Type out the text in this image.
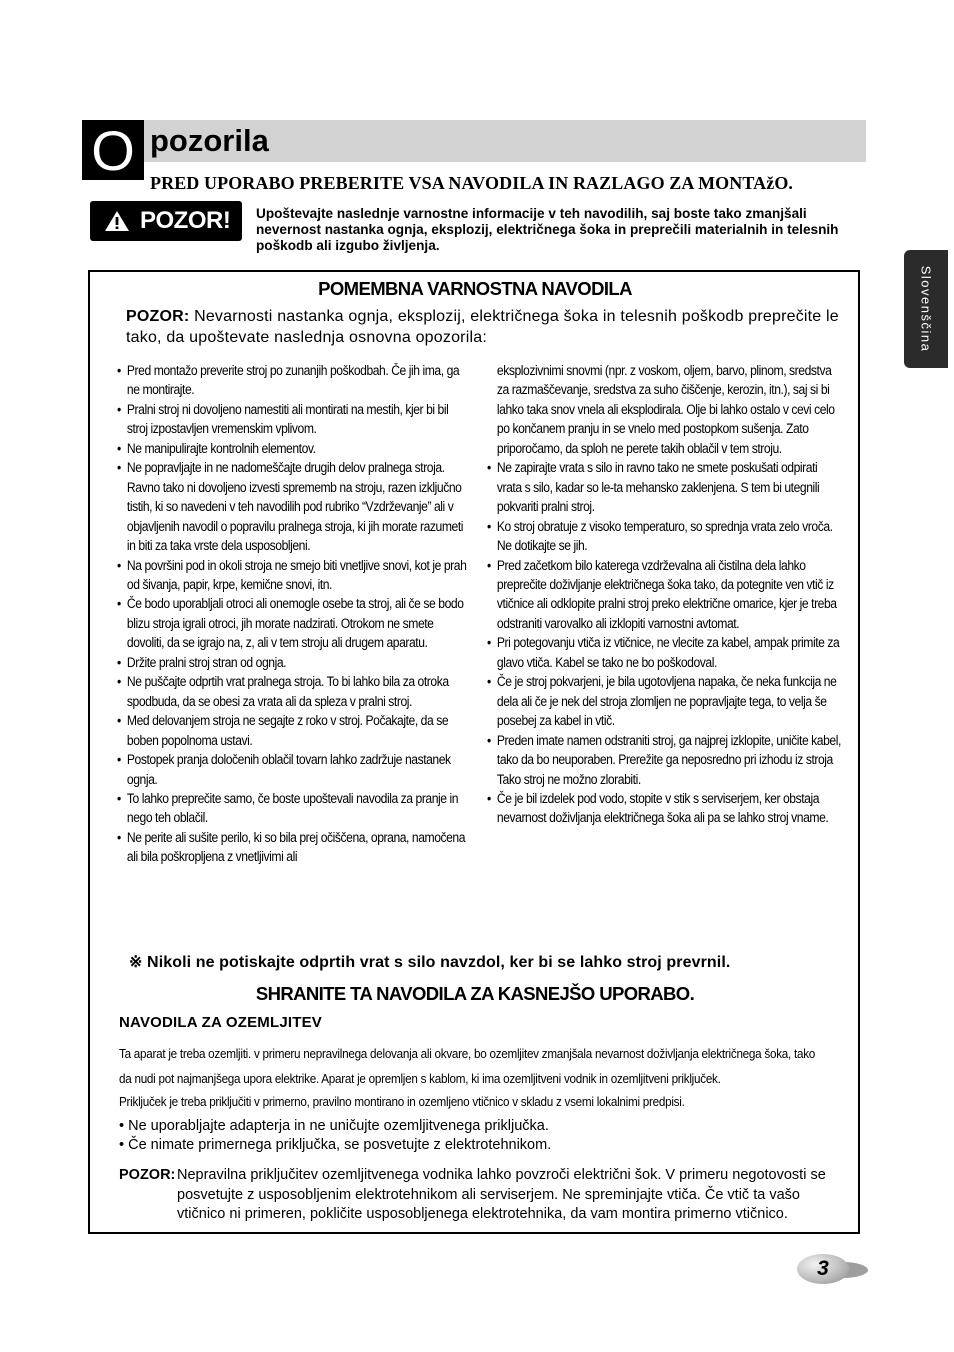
O pozorila
PRED UPORABO PREBERITE VSA NAVODILA IN RAZLAGO ZA MONTAžO.
POZOR! Upoštevajte naslednje varnostne informacije v teh navodilih, saj boste tako zmanjšali nevernost nastanka ognja, eksplozij, električnega šoka in preprečili materialnih in telesnih poškodb ali izgubo življenja.
Slovenščina
POMEMBNA VARNOSTNA NAVODILA
POZOR: Nevarnosti nastanka ognja, eksplozij, električnega šoka in telesnih poškodb preprečite le tako, da upoštevate naslednja osnovna opozorila:
• Pred montažo preverite stroj po zunanjih poškodbah. Če jih ima, ga ne montirajte.
• Pralni stroj ni dovoljeno namestiti ali montirati na mestih, kjer bi bil stroj izpostavljen vremenskim vplivom.
• Ne manipulirajte kontrolnih elementov.
• Ne popravljajte in ne nadomeščajte drugih delov pralnega stroja. Ravno tako ni dovoljeno izvesti sprememb na stroju, razen izključno tistih, ki so navedeni v teh navodilih pod rubriko “Vzdrževanje” ali v objavljenih navodil o popravilu pralnega stroja, ki jih morate razumeti in biti za taka vrste dela usposobljeni.
• Na površini pod in okoli stroja ne smejo biti vnetljive snovi, kot je prah od šivanja, papir, krpe, kemične snovi, itn.
• Če bodo uporabljali otroci ali onemogle osebe ta stroj, ali če se bodo blizu stroja igrali otroci, jih morate nadzirati. Otrokom ne smete dovoliti, da se igrajo na, z, ali v tem stroju ali drugem aparatu.
• Držite pralni stroj stran od ognja.
• Ne puščajte odprtih vrat pralnega stroja. To bi lahko bila za otroka spodbuda, da se obesi za vrata ali da spleza v pralni stroj.
• Med delovanjem stroja ne segajte z roko v stroj. Počakajte, da se boben popolnoma ustavi.
• Postopek pranja določenih oblačil tovarn lahko zadržuje nastanek ognja.
• To lahko preprečite samo, če boste upoštevali navodila za pranje in nego teh oblačil.
• Ne perite ali sušite perilo, ki so bila prej očiščena, oprana, namočena ali bila poškropljena z vnetljivimi ali
eksplozivnimi snovmi (npr. z voskom, oljem, barvo, plinom, sredstva za razmaščevanje, sredstva za suho čiščenje, kerozin, itn.), saj si bi lahko taka snov vnela ali eksplodirala. Olje bi lahko ostalo v cevi celo po končanem pranju in se vnelo med postopkom sušenja. Zato priporočamo, da sploh ne perete takih oblačil v tem stroju.
• Ne zapirajte vrata s silo in ravno tako ne smete poskušati odpirati vrata s silo, kadar so le-ta mehansko zaklenjena. S tem bi utegnili pokvariti pralni stroj.
• Ko stroj obratuje z visoko temperaturo, so sprednja vrata zelo vroča. Ne dotikajte se jih.
• Pred začetkom bilo katerega vzdrževalna ali čistilna dela lahko preprečite doživljanje električnega šoka tako, da potegnite ven vtič iz vtičnice ali odklopite pralni stroj preko električne omarice, kjer je treba odstraniti varovalko ali izklopiti varnostni avtomat.
• Pri potegovanju vtiča iz vtičnice, ne vlecite za kabel, ampak primite za glavo vtiča. Kabel se tako ne bo poškodoval.
• Če je stroj pokvarjeni, je bila ugotovljena napaka, če neka funkcija ne dela ali če je nek del stroja zlomljen ne popravljajte tega, to velja še posebej za kabel in vtič.
• Preden imate namen odstraniti stroj, ga najprej izklopite, uničite kabel, tako da bo neuporaben. Prerežite ga neposredno pri izhodu iz stroja Tako stroj ne možno zlorabiti.
• Če je bil izdelek pod vodo, stopite v stik s serviserjem, ker obstaja nevarnost doživljanja električnega šoka ali pa se lahko stroj vname.
※ Nikoli ne potiskajte odprtih vrat s silo navzdol, ker bi se lahko stroj prevrnil.
SHRANITE TA NAVODILA ZA KASNEJŠO UPORABO.
NAVODILA ZA OZEMLJITEV
Ta aparat je treba ozemljiti. v primeru nepravilnega delovanja ali okvare, bo ozemljitev zmanjšala nevarnost doživljanja električnega šoka, tako
da nudi pot najmanjšega upora elektrike. Aparat je opremljen s kablom, ki ima ozemljitveni vodnik in ozemljitveni priključek.
Priključek je treba priključiti v primerno, pravilno montirano in ozemljeno vtičnico v skladu z vsemi lokalnimi predpisi.
• Ne uporabljajte adapterja in ne uničujte ozemljitvenega priključka.
• Če nimate primernega priključka, se posvetujte z elektrotehnikom.
POZOR: Nepravilna priključitev ozemljitvenega vodnika lahko povzroči električni šok. V primeru negotovosti se posvetujte z usposobljenim elektrotehnikom ali serviserjem. Ne spreminjajte vtiča. Če vtič ta vašo vtičnico ni primeren, pokličite usposobljenega elektrotehnika, da vam montira primerno vtičnico.
3
